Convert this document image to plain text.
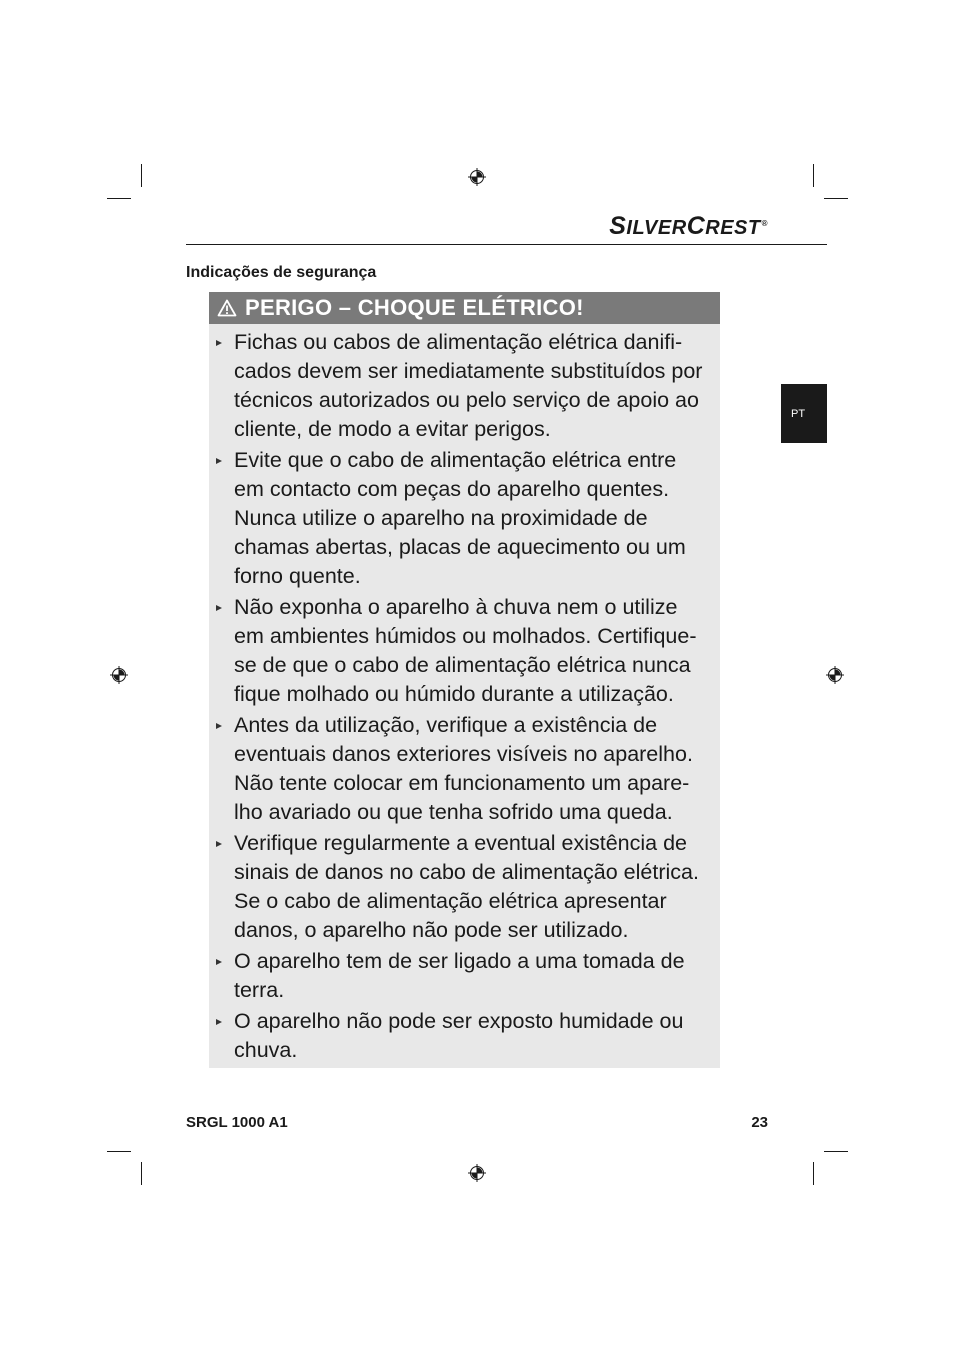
SILVERCREST®
Indicações de segurança
PERIGO – CHOQUE ELÉTRICO!
Fichas ou cabos de alimentação elétrica danifi- cados devem ser imediatamente substituídos por técnicos autorizados ou pelo serviço de apoio ao cliente, de modo a evitar perigos.
Evite que o cabo de alimentação elétrica entre em contacto com peças do aparelho quentes. Nunca utilize o aparelho na proximidade de chamas abertas, placas de aquecimento ou um forno quente.
Não exponha o aparelho à chuva nem o utilize em ambientes húmidos ou molhados. Certifique-se de que o cabo de alimentação elétrica nunca fique molhado ou húmido durante a utilização.
Antes da utilização, verifique a existência de eventuais danos exteriores visíveis no aparelho. Não tente colocar em funcionamento um apare- lho avariado ou que tenha sofrido uma queda.
Verifique regularmente a eventual existência de sinais de danos no cabo de alimentação elétrica. Se o cabo de alimentação elétrica apresentar danos, o aparelho não pode ser utilizado.
O aparelho tem de ser ligado a uma tomada de terra.
O aparelho não pode ser exposto humidade ou chuva.
PT
SRGL 1000 A1	23
